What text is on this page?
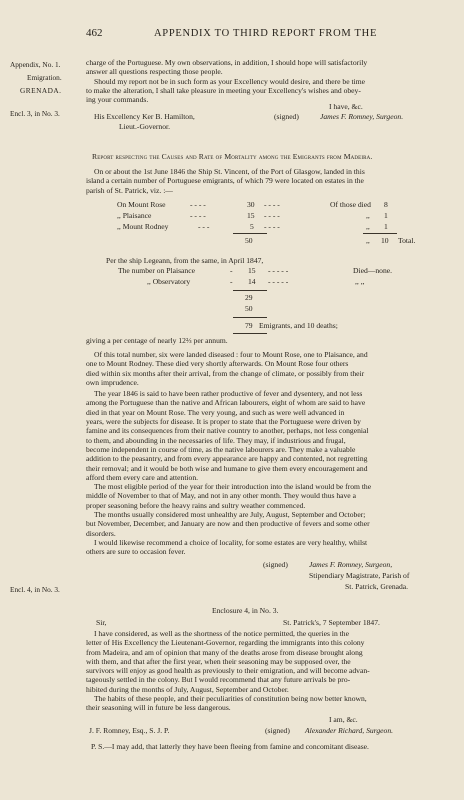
462	APPENDIX TO THIRD REPORT FROM THE
Appendix, No. 1.
Emigration.
GRENADA.
Encl. 3, in No. 3.
Encl. 4, in No. 3.
charge of the Portuguese. My own observations, in addition, I should hope will satisfactorily
answer all questions respecting those people.
Should my report not be in such form as your Excellency would desire, and there be time
to make the alteration, I shall take pleasure in meeting your Excellency's wishes and obey-
ing your commands.
I have, &c.
His Excellency Ker B. Hamilton,	(signed)	James F. Romney, Surgeon.
Lieut.-Governor.
Report respecting the Causes and Rate of Mortality among the Emigrants from Madeira.
On or about the 1st June 1846 the Ship St. Vincent, of the Port of Glasgow, landed in this
island a certain number of Portuguese emigrants, of which 79 were located on estates in the
parish of St. Patrick, viz. :—
On Mount Rose	- - - -	30 - - - -	Of those died 8
,, Plaisance	- - - -	15 - - - -	,, 1
,, Mount Rodney	- - -	5 - - - -	,, 1
50	,, 10 Total.
Per the ship Legeann, from the same, in April 1847,
The number on Plaisance	- 15 - - - - -	Died—none.
,, Observatory	- 14 - - - - -	,, ,,
29
50
79 Emigrants, and 10 deaths;
giving a per centage of nearly 12⅔ per annum.
Of this total number, six were landed diseased : four to Mount Rose, one to Plaisance, and
one to Mount Rodney. These died very shortly afterwards. On Mount Rose four others
died within six months after their arrival, from the change of climate, or possibly from their
own imprudence.
The year 1846 is said to have been rather productive of fever and dysentery, and not less
among the Portuguese than the native and African labourers, eight of whom are said to have
died in that year on Mount Rose. The very young, and such as were well advanced in
years, were the subjects for disease. It is proper to state that the Portuguese were driven by
famine and its consequences from their native country to another, perhaps, not less congenial
to them, and abounding in the necessaries of life. They may, if industrious and frugal,
become independent in course of time, as the native labourers are. They make a valuable
addition to the peasantry, and from every appearance are happy and contented, not regretting
their removal; and it would be both wise and humane to give them every encouragement and
afford them every care and attention.
The most eligible period of the year for their introduction into the island would be from the
middle of November to that of May, and not in any other month. They would thus have a
proper seasoning before the heavy rains and sultry weather commenced.
The months usually considered most unhealthy are July, August, September and October;
but November, December, and January are now and then productive of fevers and some other
disorders.
I would likewise recommend a choice of locality, for some estates are very healthy, whilst
others are sure to occasion fever.
(signed)	James F. Romney, Surgeon,
Stipendiary Magistrate, Parish of
St. Patrick, Grenada.
Enclosure 4, in No. 3.
Sir,	St. Patrick's, 7 September 1847.
I have considered, as well as the shortness of the notice permitted, the queries in the
letter of His Excellency the Lieutenant-Governor, regarding the immigrants into this colony
from Madeira, and am of opinion that many of the deaths arose from disease brought along
with them, and that after the first year, when their seasoning may be supposed over, the
survivors will enjoy as good health as previously to their emigration, and will become advan-
tageously settled in the colony. But I would recommend that any future arrivals be pro-
hibited during the months of July, August, September and October.
The habits of these people, and their peculiarities of constitution being now better known,
their seasoning will in future be less dangerous.
I am, &c.
J. F. Romney, Esq., S. J. P.	(signed) Alexander Richard, Surgeon.
P. S.—I may add, that latterly they have been fleeing from famine and concomitant disease.
